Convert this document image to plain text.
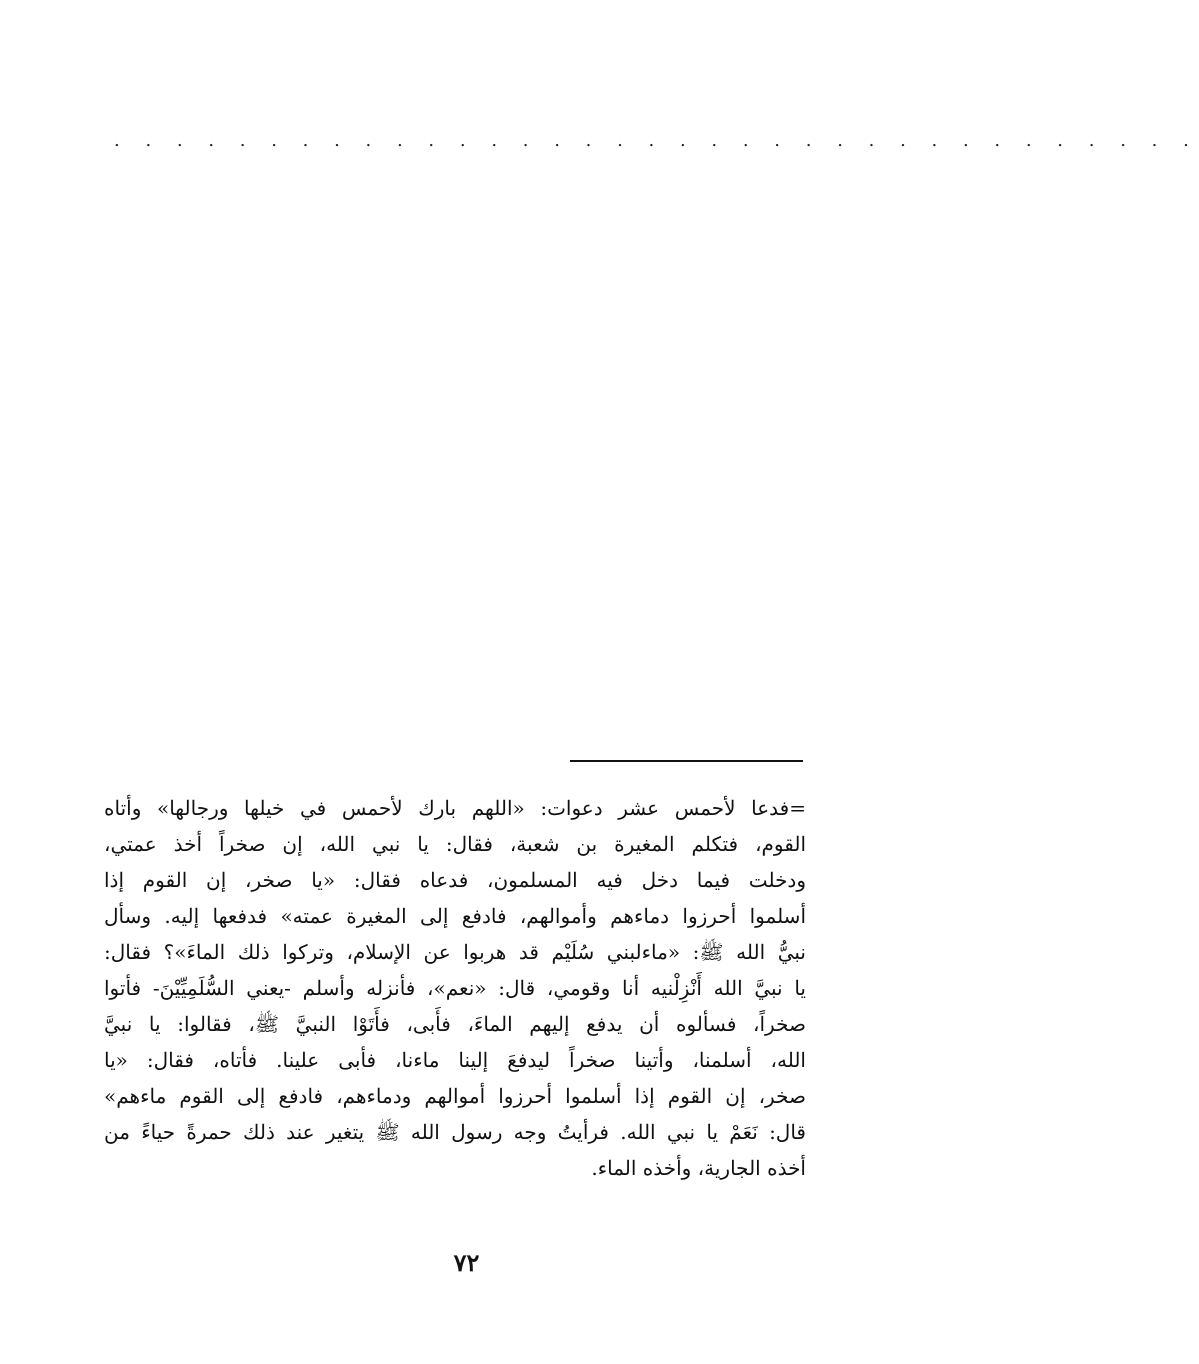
. . . . . . . . . . . . . . . . . . . . . . . . . . . . . . . . . . .
=فدعا لأحمس عشر دعوات: «اللهم بارك لأحمس في خيلها ورجالها» وأتاه
القوم، فتكلم المغيرة بن شعبة، فقال: يا نبي الله، إن صخراً أخذ عمتي،
ودخلت فيما دخل فيه المسلمون، فدعاه فقال: «يا صخر، إن القوم إذا
أسلموا أحرزوا دماءهم وأموالهم، فادفع إلى المغيرة عمته» فدفعها إليه. وسأل
نبيُّ الله ﷺ: «ماءلبني سُلَيْم قد هربوا عن الإسلام، وتركوا ذلك الماءَ»؟ فقال:
يا نبيَّ الله أَنْزِلْنيه أنا وقومي، قال: «نعم»، فأنزله وأسلم -يعني السُّلَمِيِّيْنَ- فأتوا
صخراً، فسألوه أن يدفع إليهم الماءَ، فأَبى، فأَتَوْا النبيَّ ﷺ، فقالوا: يا نبيَّ
الله، أسلمنا، وأتينا صخراً ليدفعَ إلينا ماءنا، فأبى علينا. فأتاه، فقال: «يا
صخر، إن القوم إذا أسلموا أحرزوا أموالهم ودماءهم، فادفع إلى القوم ماءهم»
قال: نَعَمْ يا نبي الله. فرأيتُ وجه رسول الله ﷺ يتغير عند ذلك حمرةً حياءً من
أخذه الجارية، وأخذه الماء.
٧٢
